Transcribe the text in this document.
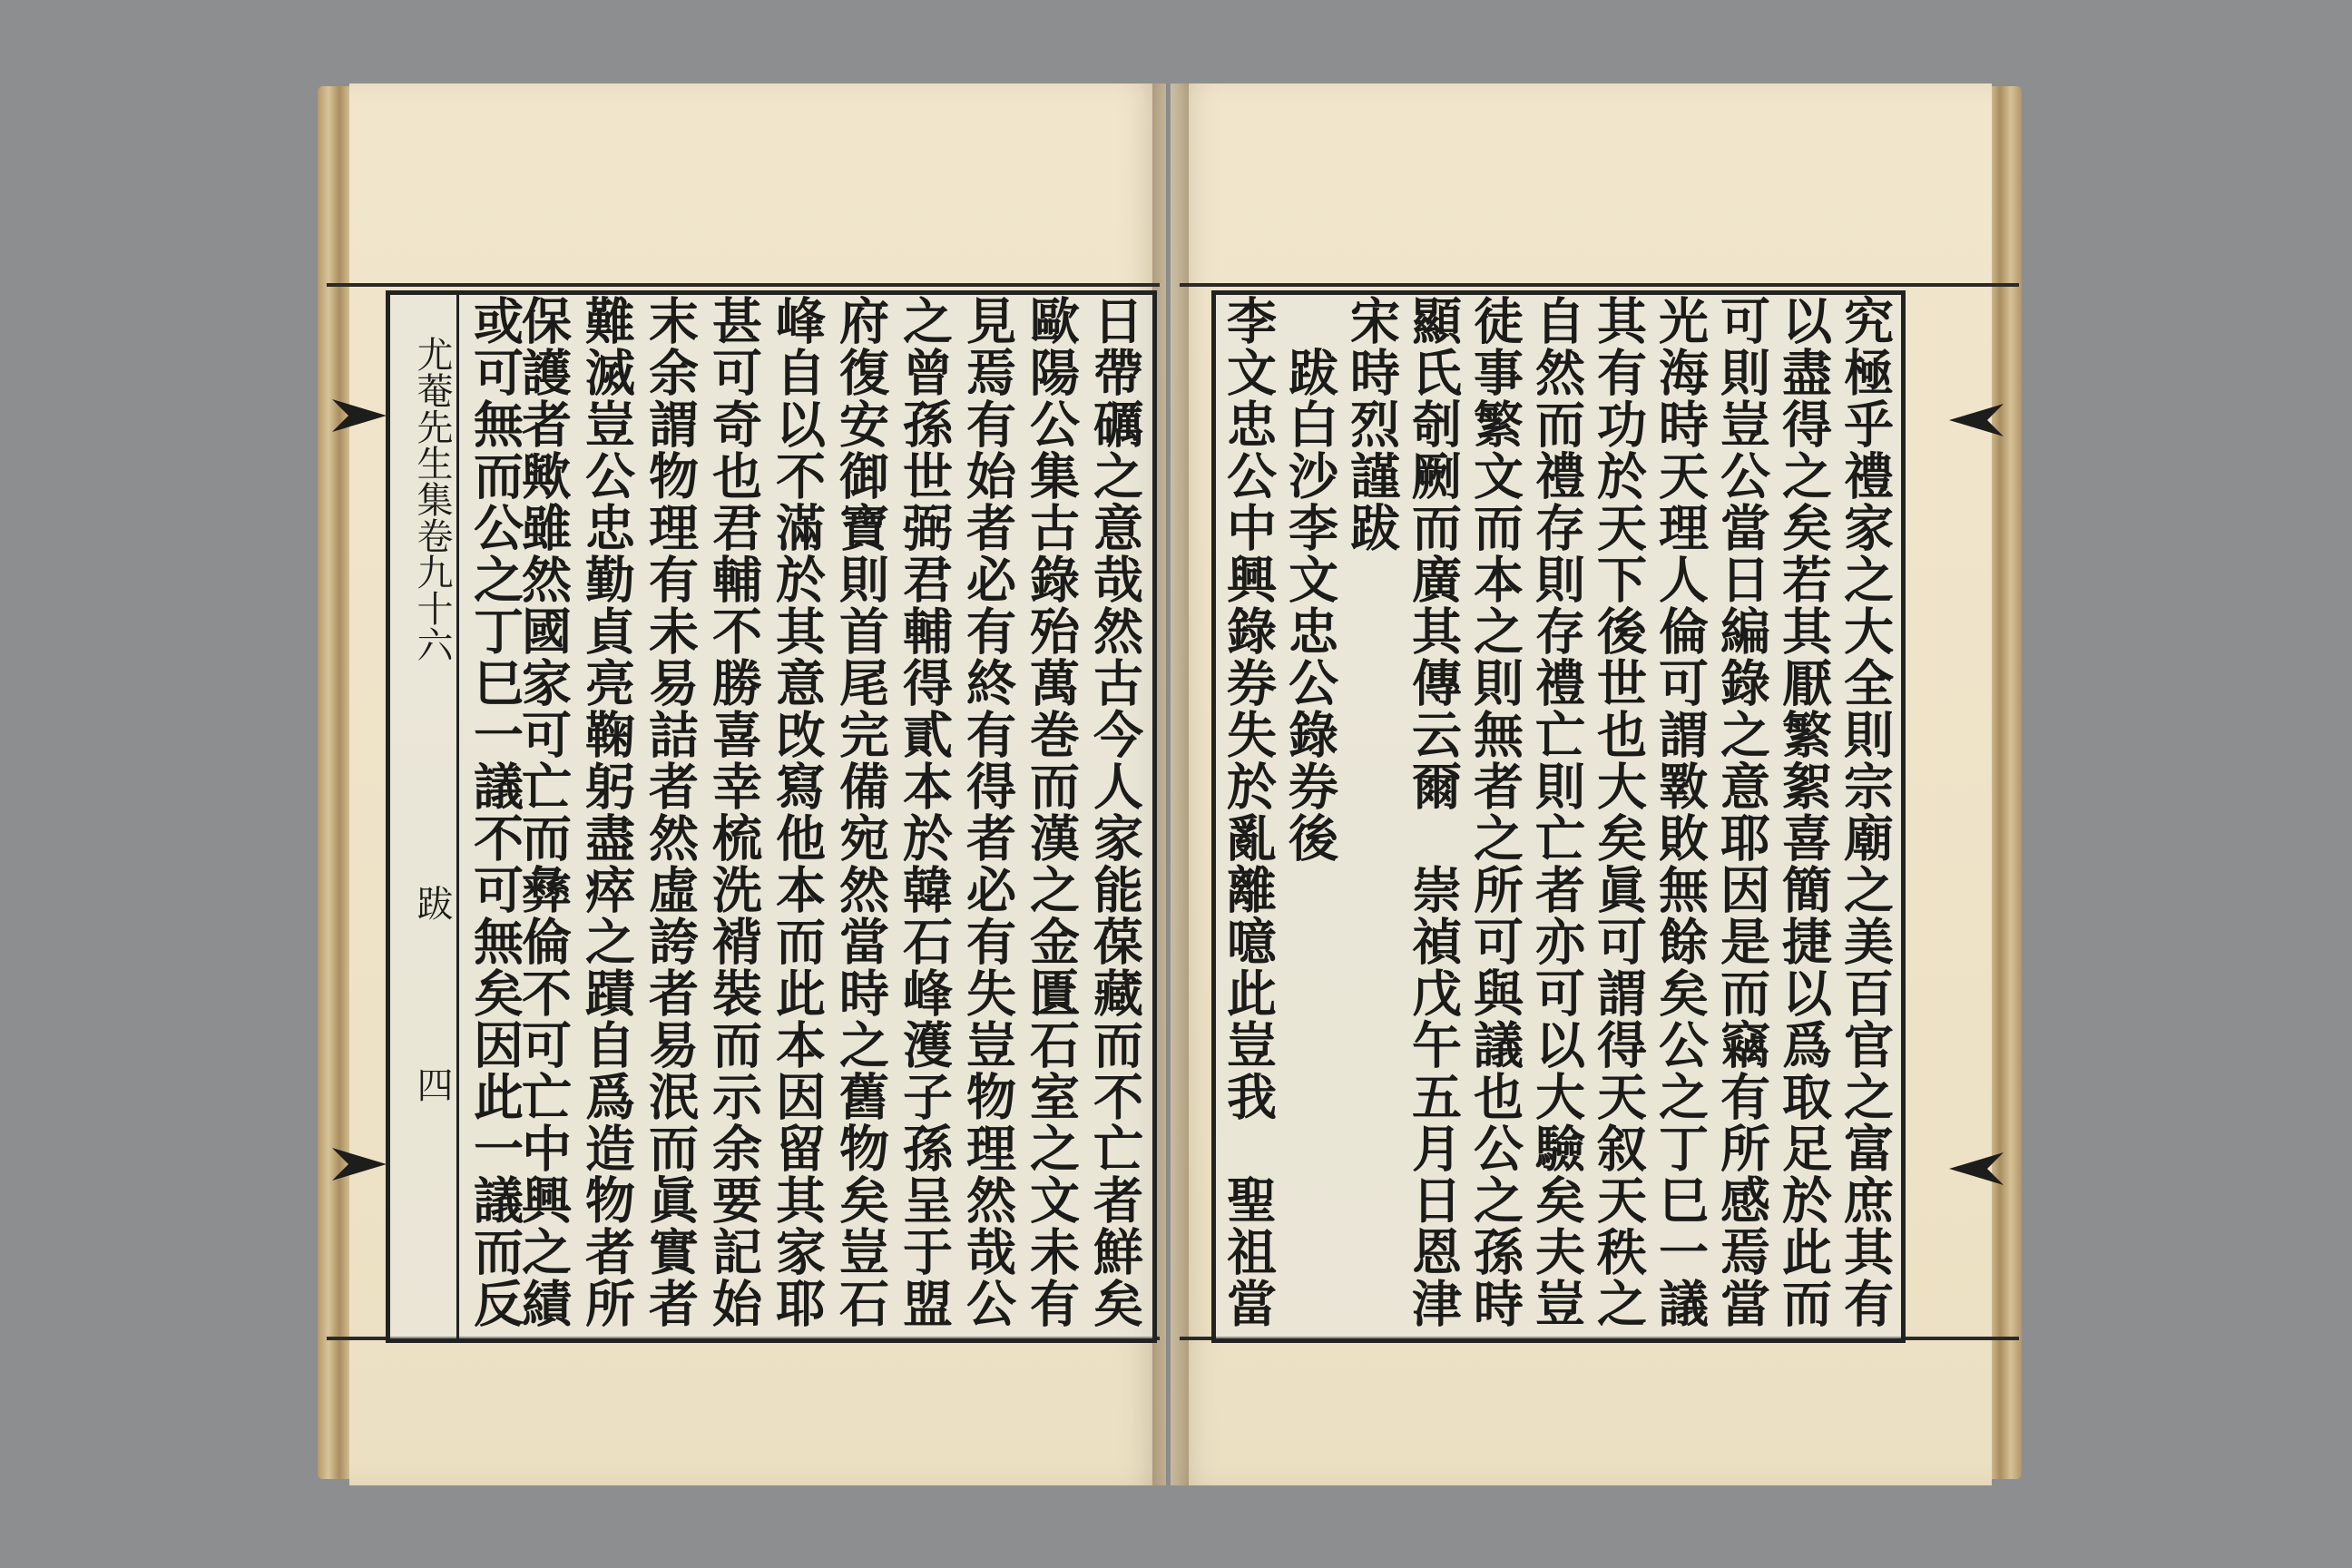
尤菴先生集卷九十六
跋
四	日帶礪之意哉然古今人家能葆藏而不亡者鮮矣
歐陽公集古錄殆萬巻而漢之金匱石室之文未有
見焉有始者必有終有得者必有失豈物理然哉公
之曾孫世弼君輔得貳本於韓石峰濩子孫呈于盟
府復安御寶則首尾完備宛然當時之舊物矣豈石
峰自以不滿於其意攺寫他本而此本因留其家耶
甚可奇也君輔不勝喜幸梳洗褙裝而示余要記始
末余謂物理有未易詰者然虛誇者易泯而眞實者
難滅豈公忠勤貞亮鞠躬盡瘁之蹟自爲造物者所
保護者歟雖然國家可亡而彝倫不可亡中興之績
或可無而公之丁巳一議不可無矣因此一議而反	究極乎禮家之大全則宗廟之美百官之富庶其有
以盡得之矣若其厭繁絮喜簡捷以爲取足於此而
可則豈公當日編錄之意耶因是而竊有所感焉當
光海時天理人倫可謂斁敗無餘矣公之丁巳一議
其有功於天下後世也大矣眞可謂得天叙天秩之
自然而禮存則存禮亡則亡者亦可以大驗矣夫豈
徒事繁文而本之則無者之所可與議也公之孫時
顯氏剞劂而廣其傳云爾　崇禎戊午五月日恩津
宋時烈謹跋
　跋白沙李文忠公錄券後
李文忠公中興錄券失於亂離噫此豈我　聖祖當
